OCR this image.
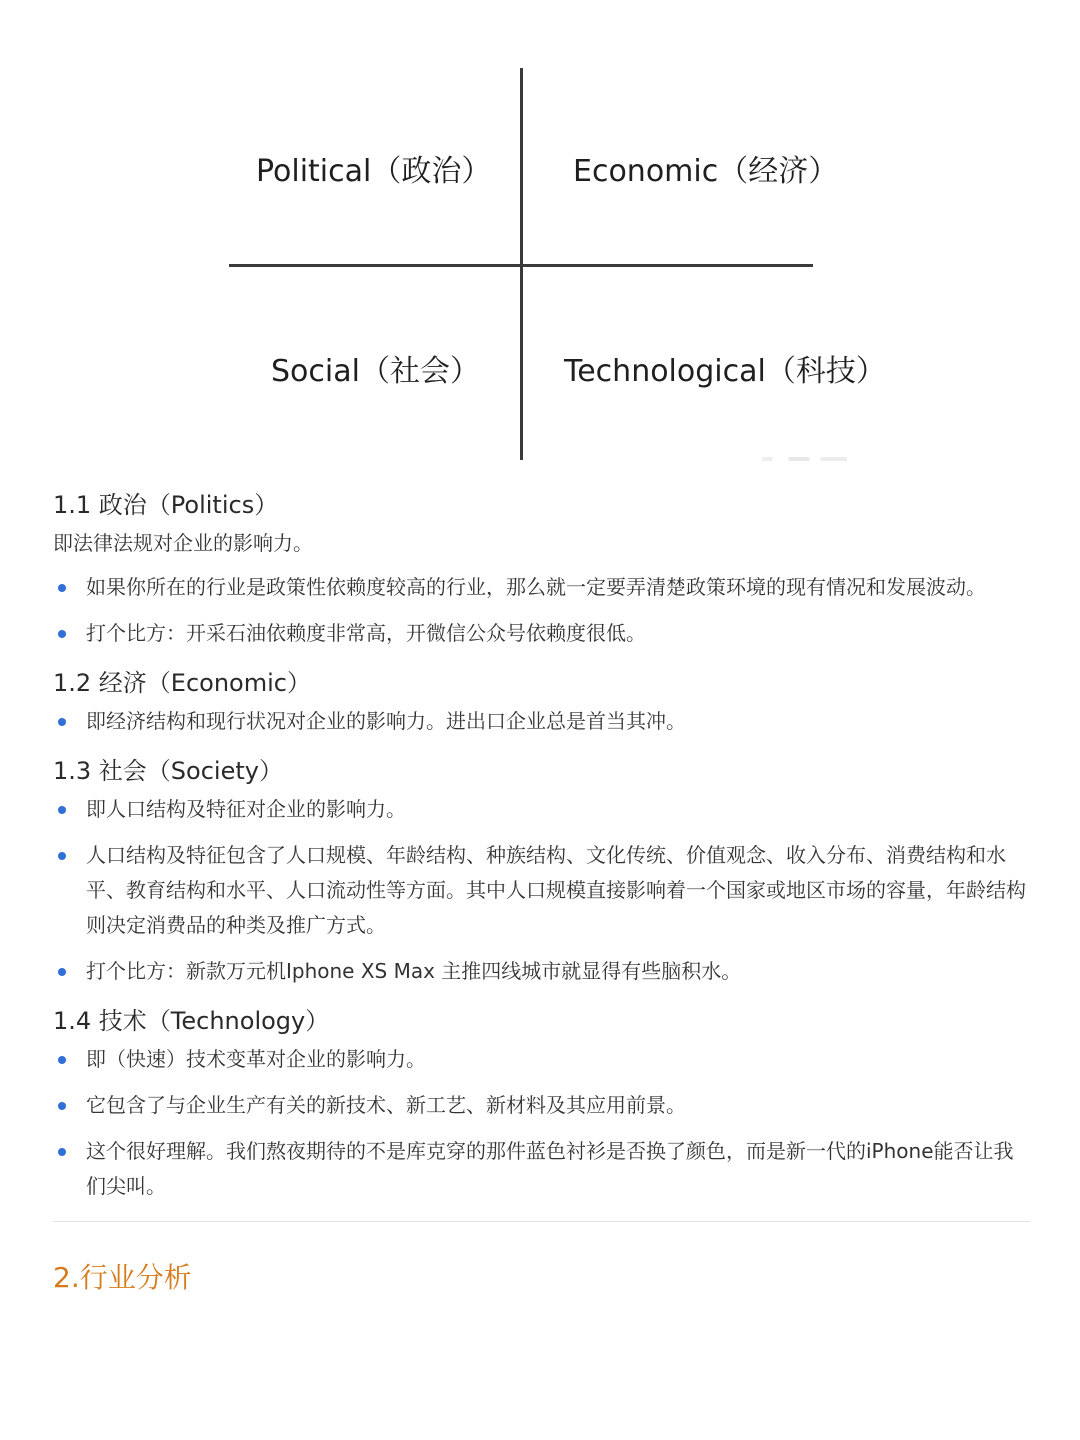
Political（政治）	Economic（经济）
Social（社会）	Technological（科技）
1.1 政治（Politics）

即法律法规对企业的影响力。

如果你所在的行业是政策性依赖度较高的行业，那么就一定要弄清楚政策环境的现有情况和发展波动。
打个比方：开采石油依赖度非常高，开微信公众号依赖度很低。
1.2 经济（Economic）
即经济结构和现行状况对企业的影响力。进出口企业总是首当其冲。
1.3 社会（Society）
即人口结构及特征对企业的影响力。
人口结构及特征包含了人口规模、年龄结构、种族结构、文化传统、价值观念、收入分布、消费结构和水平、教育结构和水平、人口流动性等方面。其中人口规模直接影响着一个国家或地区市场的容量，年龄结构则决定消费品的种类及推广方式。
打个比方：新款万元机Iphone XS Max 主推四线城市就显得有些脑积水。
1.4 技术（Technology）
即（快速）技术变革对企业的影响力。
它包含了与企业生产有关的新技术、新工艺、新材料及其应用前景。
这个很好理解。我们熬夜期待的不是库克穿的那件蓝色衬衫是否换了颜色，而是新一代的iPhone能否让我们尖叫。
2.行业分析
